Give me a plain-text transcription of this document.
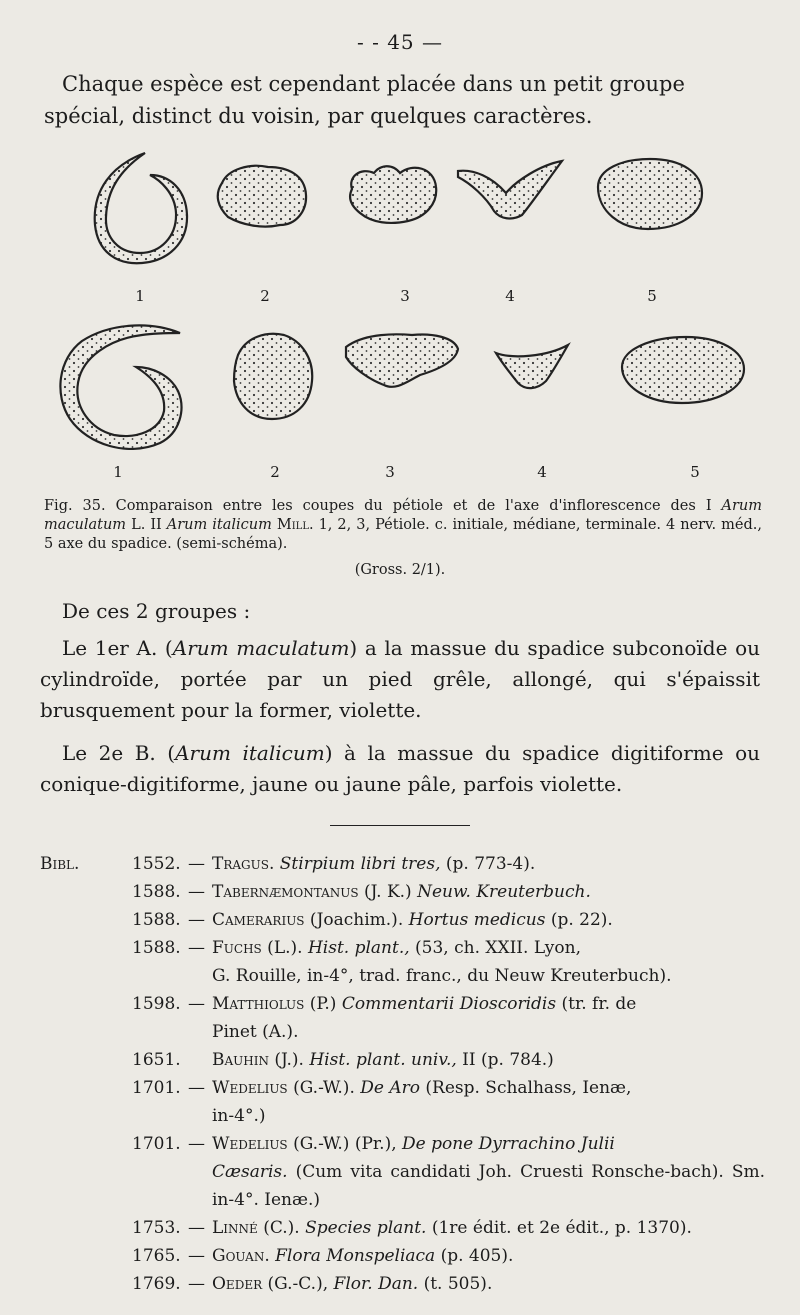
- - 45 —

Chaque espèce est cependant placée dans un petit groupe spécial, distinct du voisin, par quelques caractères.

1	2	3	4	5
1	2	3	4	5

Fig. 35. Comparaison entre les coupes du pétiole et de l'axe d'inflorescence des I Arum maculatum L. II Arum italicum Mill. 1, 2, 3, Pétiole. c. initiale, médiane, terminale. 4 nerv. méd., 5 axe du spadice. (semi-schéma).

(Gross. 2/1).

De ces 2 groupes :

Le 1er A. (Arum maculatum) a la massue du spadice subconoïde ou cylindroïde, portée par un pied grêle, allongé, qui s'épaissit brusquement pour la former, violette.

Le 2e B. (Arum italicum) à la massue du spadice digitiforme ou conique-digitiforme, jaune ou jaune pâle, parfois violette.

Bibl.	1552. — Tragus. Stirpium libri tres, (p. 773-4).
1588. — Tabernæmontanus (J. K.) Neuw. Kreuterbuch.
1588. — Camerarius (Joachim.). Hortus medicus (p. 22).
1588. — Fuchs (L.). Hist. plant., (53, ch. XXII. Lyon,
G. Rouille, in-4°, trad. franc., du Neuw Kreuterbuch).
1598. — Matthiolus (P.) Commentarii Dioscoridis (tr. fr. de
Pinet (A.).
1651.	Bauhin (J.). Hist. plant. univ., II (p. 784.)
1701. — Wedelius (G.-W.). De Aro (Resp. Schalhass, Ienæ,
in-4°.)
1701. — Wedelius (G.-W.) (Pr.), De pone Dyrrachino Julii
Cæsaris. (Cum vita candidati Joh. Cruesti Ronsche-bach). Sm. in-4°. Ienæ.)
1753. — Linné (C.). Species plant. (1re édit. et 2e édit., p. 1370).
1765. — Gouan. Flora Monspeliaca (p. 405).
1769. — Oeder (G.-C.), Flor. Dan. (t. 505).
